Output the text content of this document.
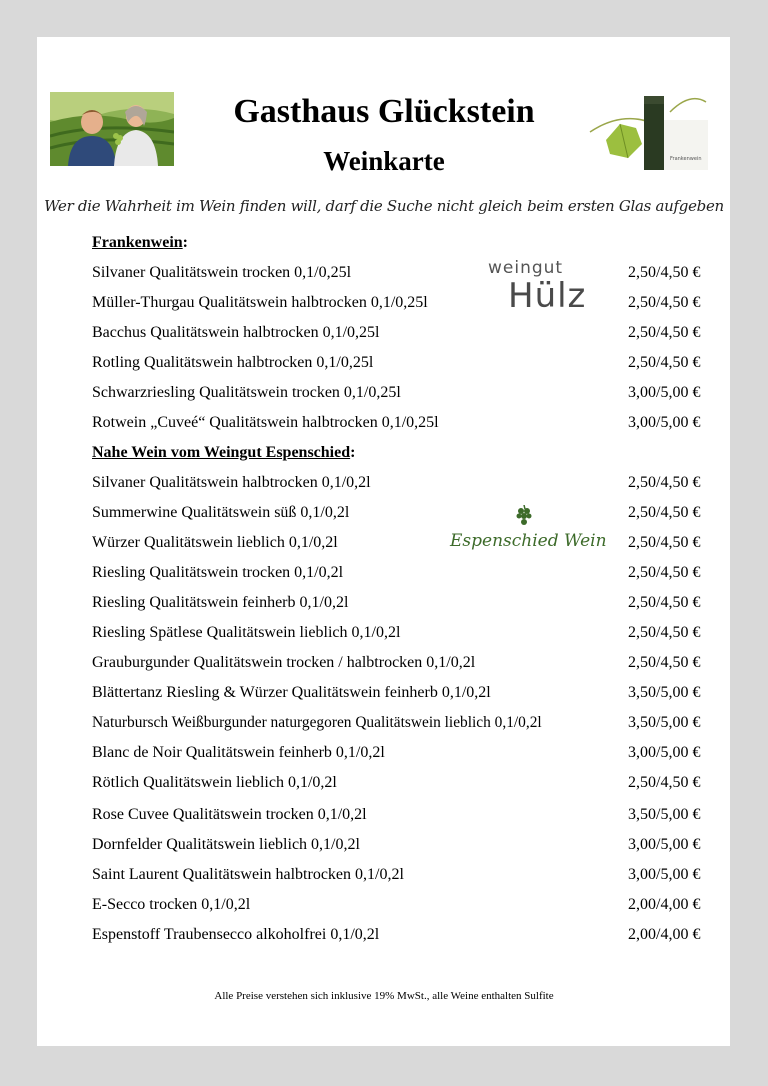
Frankenwein
Gasthaus Glückstein
Weinkarte
Wer die Wahrheit im Wein finden will, darf die Suche nicht gleich beim ersten Glas aufgeben
weingut
Hülz
Espenschied Wein
Frankenwein:
Silvaner Qualitätswein trocken 0,1/0,25l	2,50/4,50 €
Müller-Thurgau Qualitätswein halbtrocken 0,1/0,25l	2,50/4,50 €
Bacchus Qualitätswein halbtrocken 0,1/0,25l	2,50/4,50 €
Rotling Qualitätswein halbtrocken 0,1/0,25l	2,50/4,50 €
Schwarzriesling Qualitätswein trocken 0,1/0,25l	3,00/5,00 €
Rotwein „Cuveé“ Qualitätswein halbtrocken 0,1/0,25l	3,00/5,00 €
Nahe Wein vom Weingut Espenschied:
Silvaner Qualitätswein halbtrocken 0,1/0,2l	2,50/4,50 €
Summerwine Qualitätswein süß 0,1/0,2l	2,50/4,50 €
Würzer Qualitätswein lieblich 0,1/0,2l	2,50/4,50 €
Riesling Qualitätswein trocken 0,1/0,2l	2,50/4,50 €
Riesling Qualitätswein feinherb 0,1/0,2l	2,50/4,50 €
Riesling Spätlese Qualitätswein lieblich 0,1/0,2l	2,50/4,50 €
Grauburgunder Qualitätswein trocken / halbtrocken 0,1/0,2l	2,50/4,50 €
Blättertanz Riesling & Würzer Qualitätswein feinherb 0,1/0,2l	3,50/5,00 €
Naturbursch Weißburgunder naturgegoren Qualitätswein lieblich 0,1/0,2l	3,50/5,00 €
Blanc de Noir Qualitätswein feinherb 0,1/0,2l	3,00/5,00 €
Rötlich Qualitätswein lieblich 0,1/0,2l	2,50/4,50 €
Rose Cuvee Qualitätswein trocken 0,1/0,2l	3,50/5,00 €
Dornfelder Qualitätswein lieblich 0,1/0,2l	3,00/5,00 €
Saint Laurent Qualitätswein halbtrocken 0,1/0,2l	3,00/5,00 €
E-Secco trocken 0,1/0,2l	2,00/4,00 €
Espenstoff Traubensecco alkoholfrei 0,1/0,2l	2,00/4,00 €
Alle Preise verstehen sich inklusive 19% MwSt., alle Weine enthalten Sulfite
